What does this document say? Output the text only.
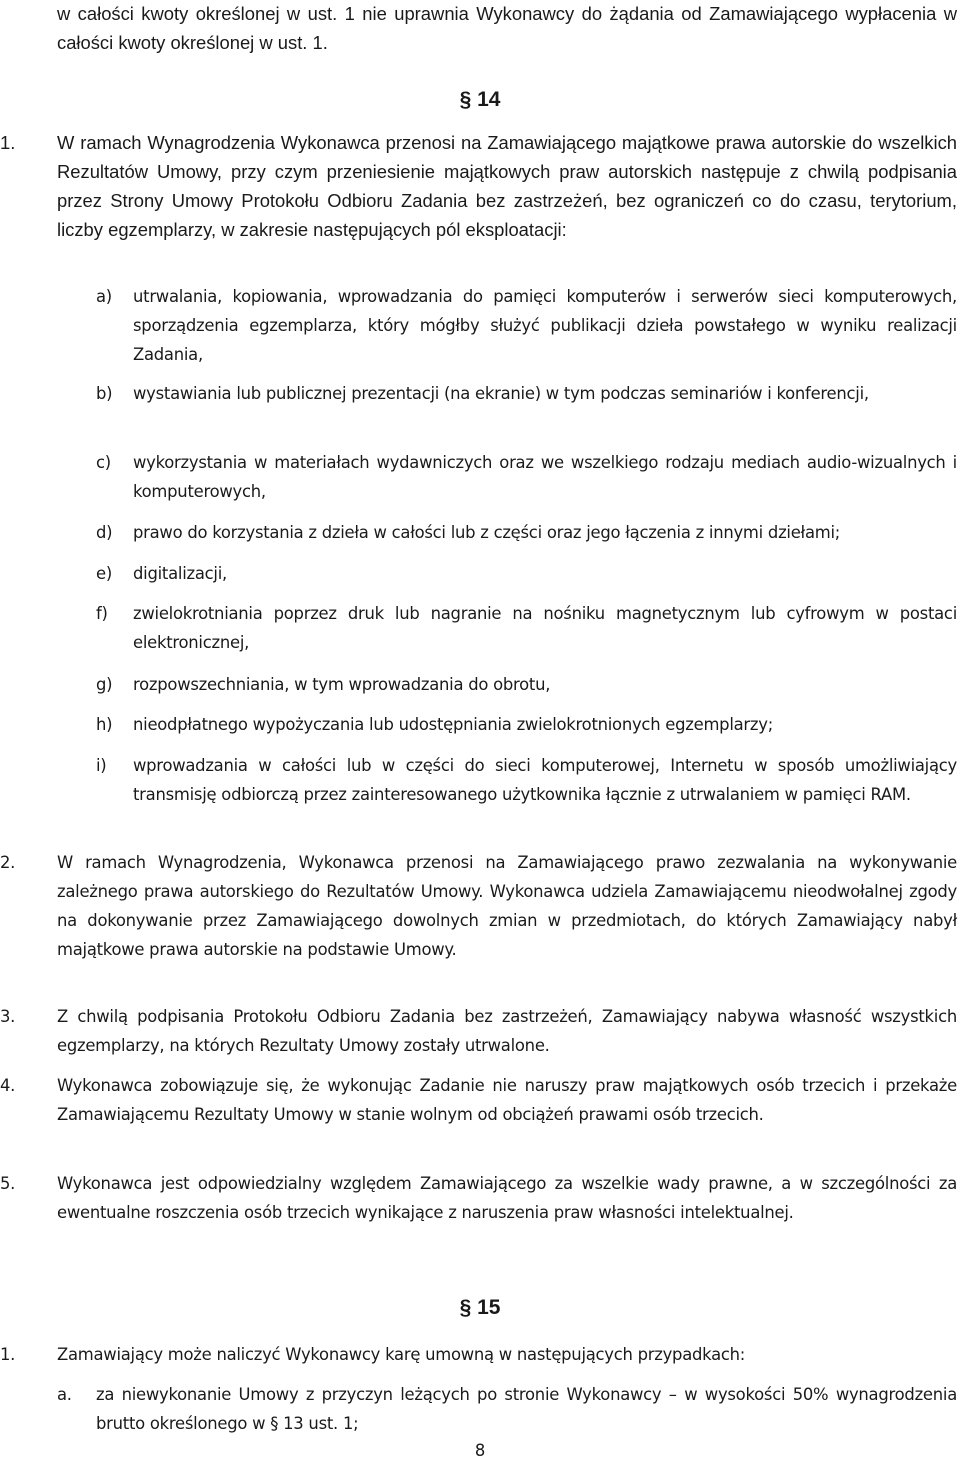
w całości kwoty określonej w ust. 1 nie uprawnia Wykonawcy do żądania od Zamawiającego wypłacenia w całości kwoty określonej w ust. 1.
§ 14
1. W ramach Wynagrodzenia Wykonawca przenosi na Zamawiającego majątkowe prawa autorskie do wszelkich Rezultatów Umowy, przy czym przeniesienie majątkowych praw autorskich następuje z chwilą podpisania przez Strony Umowy Protokołu Odbioru Zadania bez zastrzeżeń, bez ograniczeń co do czasu, terytorium, liczby egzemplarzy, w zakresie następujących pól eksploatacji:
a) utrwalania, kopiowania, wprowadzania do pamięci komputerów i serwerów sieci komputerowych, sporządzenia egzemplarza, który mógłby służyć publikacji dzieła powstałego w wyniku realizacji Zadania,
b) wystawiania lub publicznej prezentacji (na ekranie) w tym podczas seminariów i konferencji,
c) wykorzystania w materiałach wydawniczych oraz we wszelkiego rodzaju mediach audio-wizualnych i komputerowych,
d) prawo do korzystania z dzieła w całości lub z części oraz jego łączenia z innymi dziełami;
e) digitalizacji,
f) zwielokrotniania poprzez druk lub nagranie na nośniku magnetycznym lub cyfrowym w postaci elektronicznej,
g) rozpowszechniania, w tym wprowadzania do obrotu,
h) nieodpłatnego wypożyczania lub udostępniania zwielokrotnionych egzemplarzy;
i) wprowadzania w całości lub w części do sieci komputerowej, Internetu w sposób umożliwiający transmisję odbiorczą przez zainteresowanego użytkownika łącznie z utrwalaniem w pamięci RAM.
2.	W ramach Wynagrodzenia, Wykonawca przenosi na Zamawiającego prawo zezwalania na wykonywanie zależnego prawa autorskiego do Rezultatów Umowy. Wykonawca udziela Zamawiającemu nieodwołalnej zgody na dokonywanie przez Zamawiającego dowolnych zmian w przedmiotach, do których Zamawiający nabył majątkowe prawa autorskie na podstawie Umowy.
3.	Z chwilą podpisania Protokołu Odbioru Zadania bez zastrzeżeń, Zamawiający nabywa własność wszystkich egzemplarzy, na których Rezultaty Umowy zostały utrwalone.
4.	Wykonawca zobowiązuje się, że wykonując Zadanie nie naruszy praw majątkowych osób trzecich i przekaże Zamawiającemu Rezultaty Umowy w stanie wolnym od obciążeń prawami osób trzecich.
5.	Wykonawca jest odpowiedzialny względem Zamawiającego za wszelkie wady prawne, a w szczególności za ewentualne roszczenia osób trzecich wynikające z naruszenia praw własności intelektualnej.
§ 15
1.	Zamawiający może naliczyć Wykonawcy karę umowną w następujących przypadkach:
a. za niewykonanie Umowy z przyczyn leżących po stronie Wykonawcy – w wysokości 50% wynagrodzenia brutto określonego w § 13 ust. 1;
8
